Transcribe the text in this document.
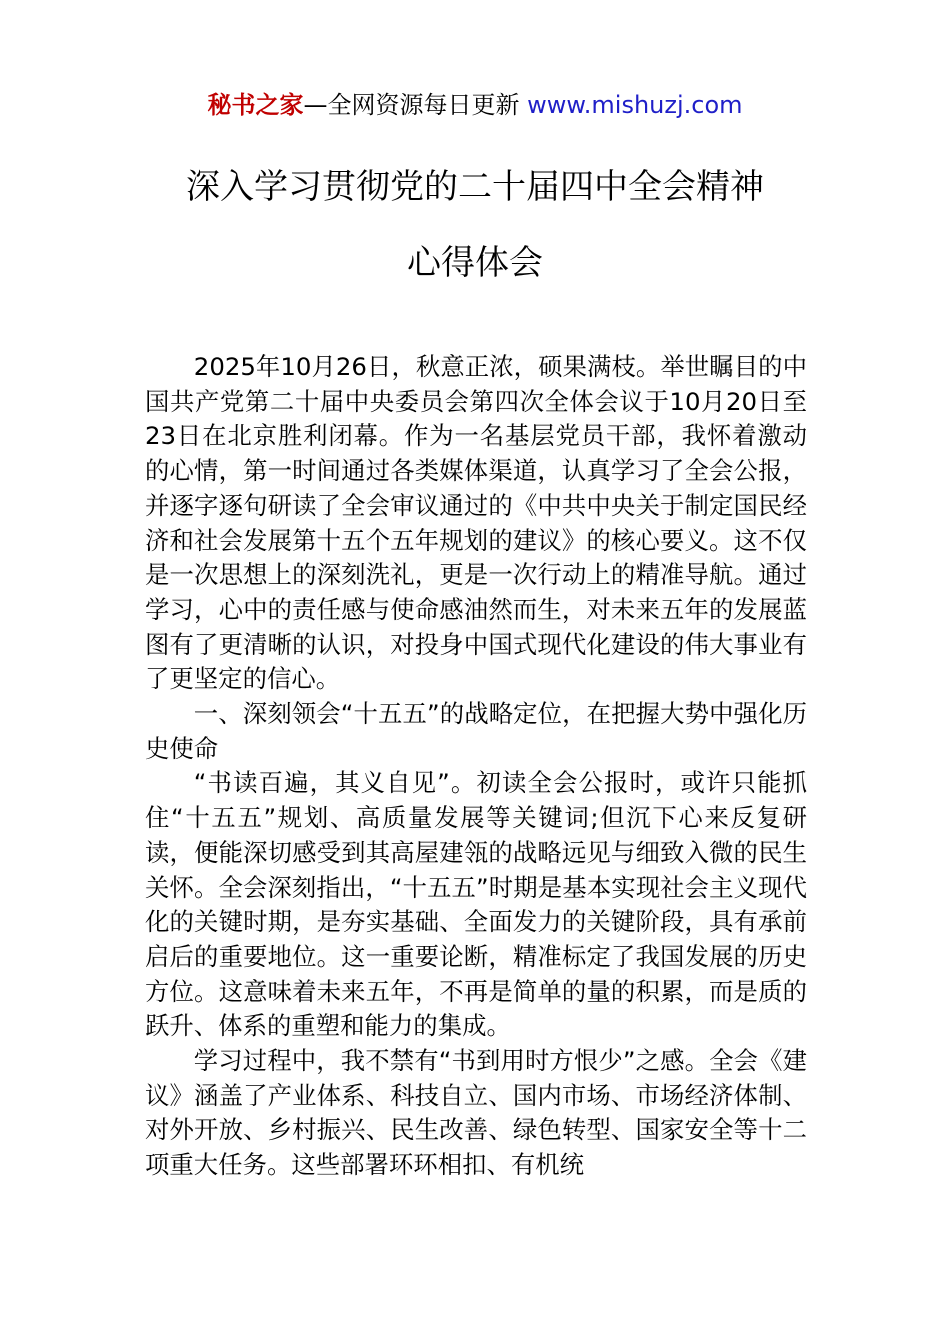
秘书之家—全网资源每日更新 www.mishuzj.com
深入学习贯彻党的二十届四中全会精神
心得体会

2025年10月26日，秋意正浓，硕果满枝。举世瞩目的中国共产党第二十届中央委员会第四次全体会议于10月20日至23日在北京胜利闭幕。作为一名基层党员干部，我怀着激动的心情，第一时间通过各类媒体渠道，认真学习了全会公报，并逐字逐句研读了全会审议通过的《中共中央关于制定国民经济和社会发展第十五个五年规划的建议》的核心要义。这不仅是一次思想上的深刻洗礼，更是一次行动上的精准导航。通过学习，心中的责任感与使命感油然而生，对未来五年的发展蓝图有了更清晰的认识，对投身中国式现代化建设的伟大事业有了更坚定的信心。

一、深刻领会“十五五”的战略定位，在把握大势中强化历史使命

“书读百遍，其义自见”。初读全会公报时，或许只能抓住“十五五”规划、高质量发展等关键词;但沉下心来反复研读，便能深切感受到其高屋建瓴的战略远见与细致入微的民生关怀。全会深刻指出，“十五五”时期是基本实现社会主义现代化的关键时期，是夯实基础、全面发力的关键阶段，具有承前启后的重要地位。这一重要论断，精准标定了我国发展的历史方位。这意味着未来五年，不再是简单的量的积累，而是质的跃升、体系的重塑和能力的集成。

学习过程中，我不禁有“书到用时方恨少”之感。全会《建议》涵盖了产业体系、科技自立、国内市场、市场经济体制、对外开放、乡村振兴、民生改善、绿色转型、国家安全等十二项重大任务。这些部署环环相扣、有机统
